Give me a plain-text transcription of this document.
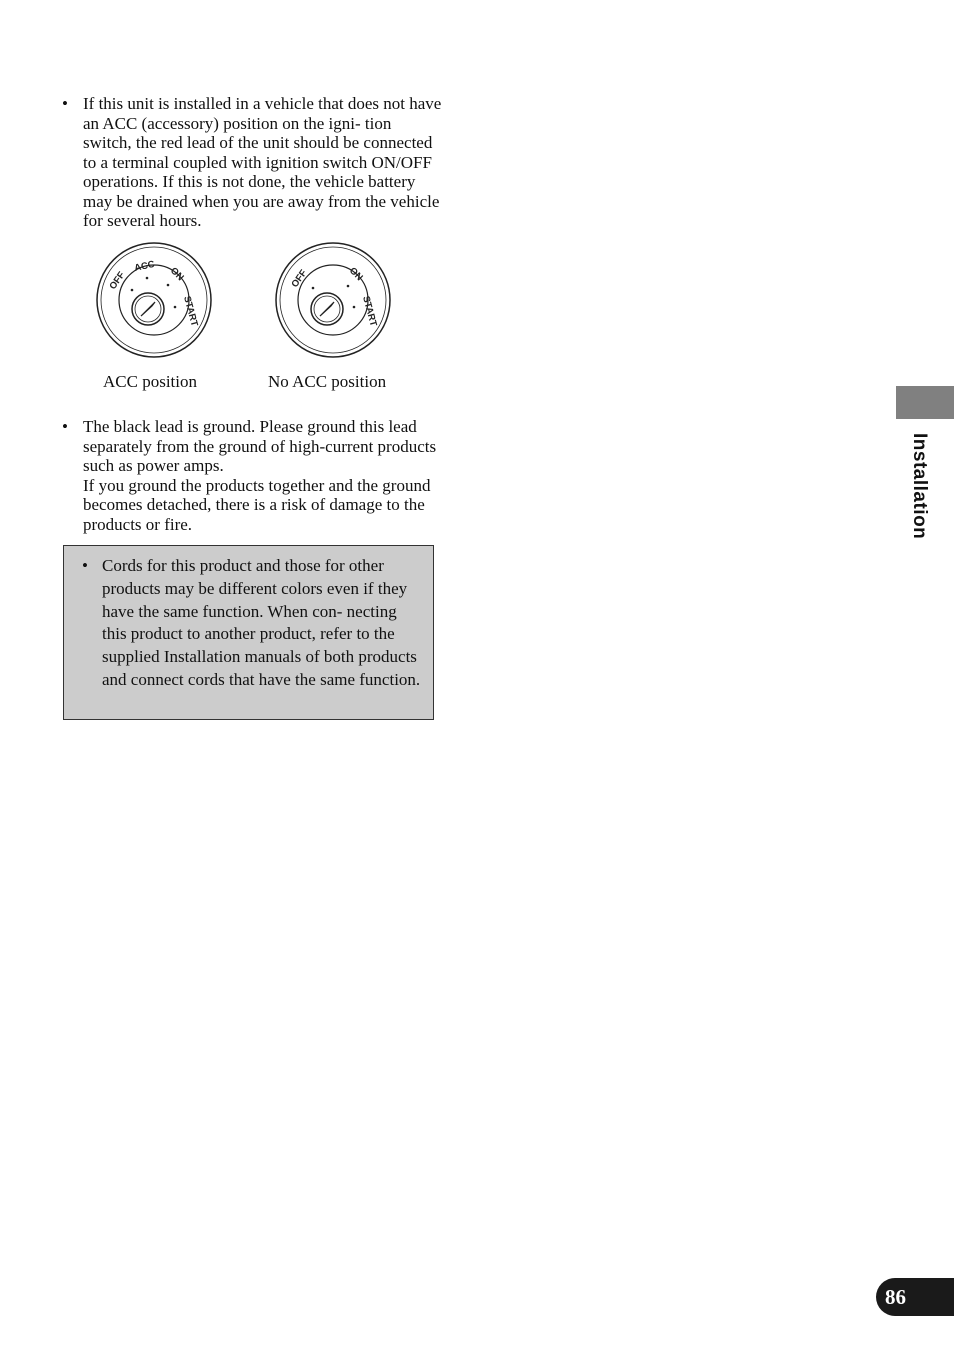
• If this unit is installed in a vehicle that does not have an ACC (accessory) position on the igni- tion switch, the red lead of the unit should be connected to a terminal coupled with ignition switch ON/OFF operations. If this is not done, the vehicle battery may be drained when you are away from the vehicle for several hours.

OFF
ACC ON
START
OFF	ON
START
ACC position	No ACC position
• The black lead is ground. Please ground this lead separately from the ground of high-current products such as power amps.

If you ground the products together and the ground becomes detached, there is a risk of damage to the products or fire.

• Cords for this product and those for other products may be different colors even if they have the same function. When con- necting this product to another product, refer to the supplied Installation manuals of both products and connect cords that have the same function.
Installation
86
